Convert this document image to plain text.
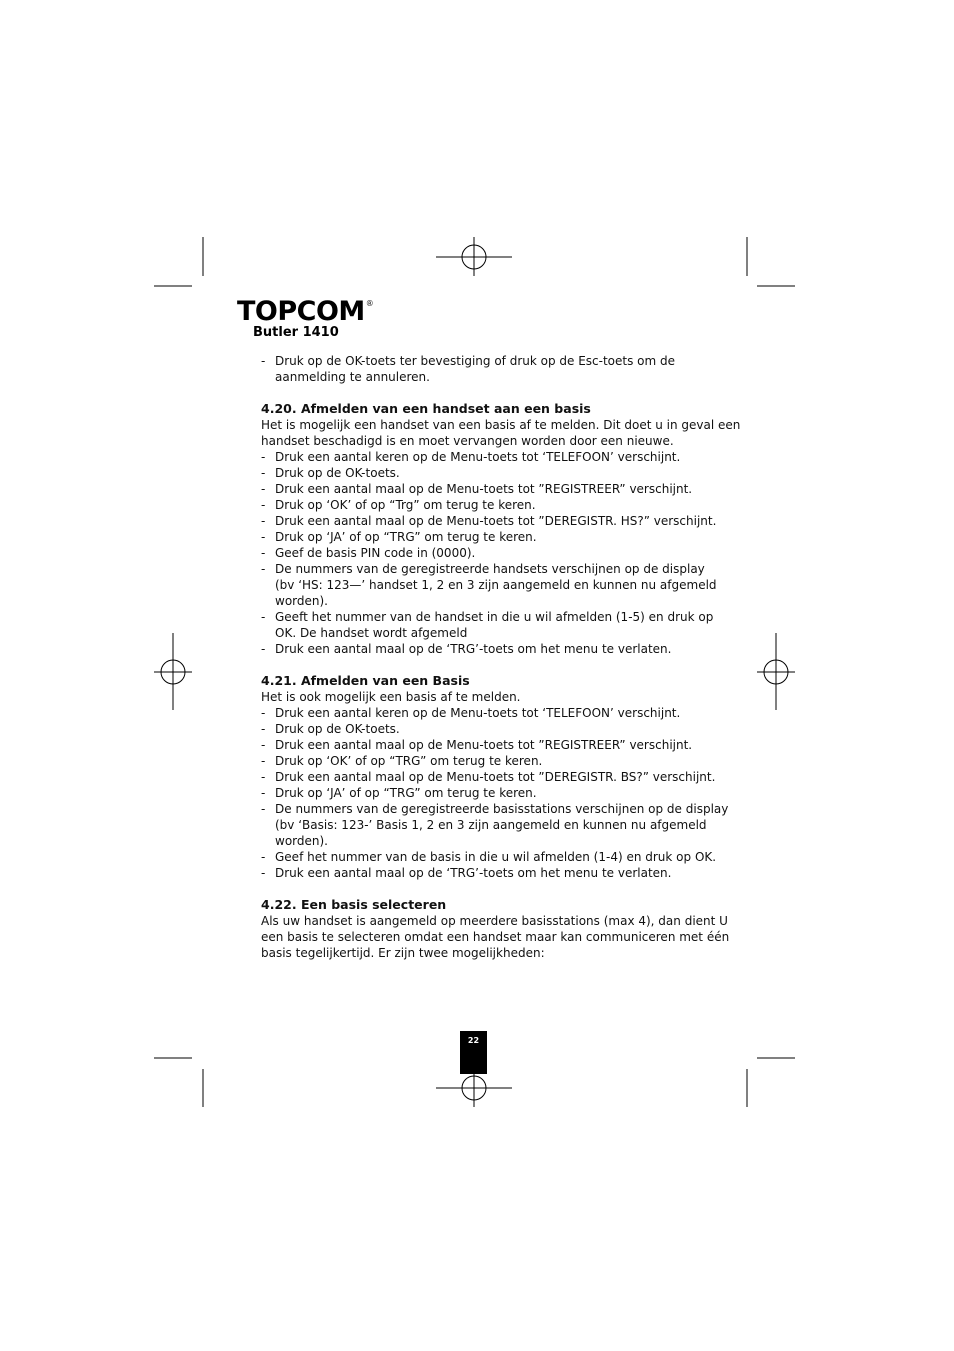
TOPCOM®
Butler 1410
- Druk op de OK-toets ter bevestiging of druk op de Esc-toets om de
aanmelding te annuleren.
4.20. Afmelden van een handset aan een basis
Het is mogelijk een handset van een basis af te melden. Dit doet u in geval een
handset beschadigd is en moet vervangen worden door een nieuwe.
- Druk een aantal keren op de Menu-toets tot ‘TELEFOON’ verschijnt.
- Druk op de OK-toets.
- Druk een aantal maal op de Menu-toets tot ”REGISTREER” verschijnt.
- Druk op ‘OK’ of op “Trg” om terug te keren.
- Druk een aantal maal op de Menu-toets tot ”DEREGISTR. HS?” verschijnt.
- Druk op ‘JA’ of op “TRG” om terug te keren.
- Geef de basis PIN code in (0000).
- De nummers van de geregistreerde handsets verschijnen op de display
(bv ‘HS: 123—’ handset 1, 2 en 3 zijn aangemeld en kunnen nu afgemeld
worden).
- Geeft het nummer van de handset in die u wil afmelden (1-5) en druk op
OK. De handset wordt afgemeld
- Druk een aantal maal op de ‘TRG’-toets om het menu te verlaten.
4.21. Afmelden van een Basis
Het is ook mogelijk een basis af te melden.
- Druk een aantal keren op de Menu-toets tot ‘TELEFOON’ verschijnt.
- Druk op de OK-toets.
- Druk een aantal maal op de Menu-toets tot ”REGISTREER” verschijnt.
- Druk op ‘OK’ of op “TRG” om terug te keren.
- Druk een aantal maal op de Menu-toets tot ”DEREGISTR. BS?” verschijnt.
- Druk op ‘JA’ of op “TRG” om terug te keren.
- De nummers van de geregistreerde basisstations verschijnen op de display
(bv ‘Basis: 123-’ Basis 1, 2 en 3 zijn aangemeld en kunnen nu afgemeld
worden).
- Geef het nummer van de basis in die u wil afmelden (1-4) en druk op OK.
- Druk een aantal maal op de ‘TRG’-toets om het menu te verlaten.
4.22. Een basis selecteren
Als uw handset is aangemeld op meerdere basisstations (max 4), dan dient U
een basis te selecteren omdat een handset maar kan communiceren met één
basis tegelijkertijd. Er zijn twee mogelijkheden:
22
